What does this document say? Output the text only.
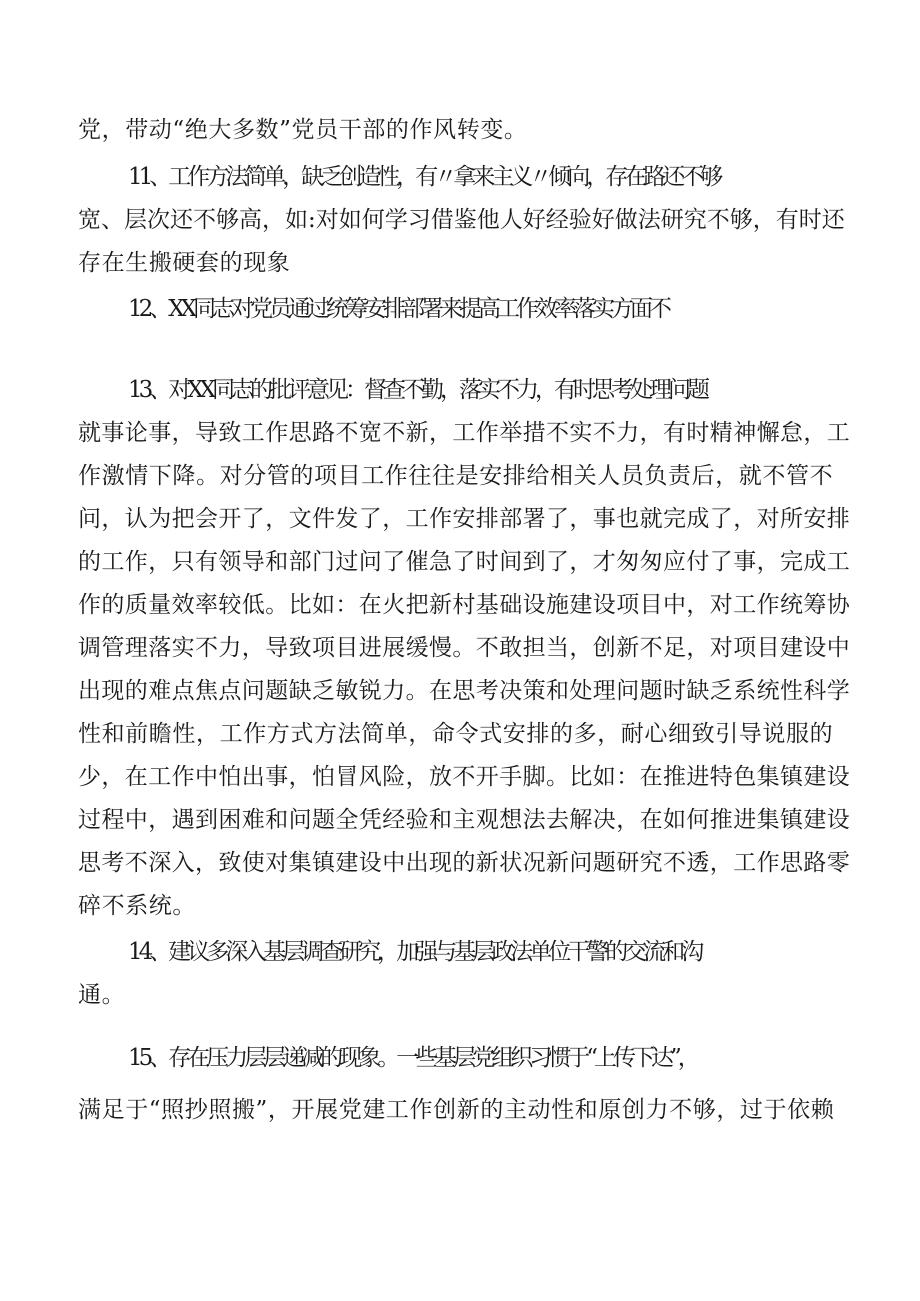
党，带动“绝大多数”党员干部的作风转变。

11、工作方法简单，缺乏创造性，有〃拿来主义〃倾向，存在路还不够

宽、层次还不够高，如:对如何学习借鉴他人好经验好做法研究不够，有时还

存在生搬硬套的现象

12、XX同志对党员通过统筹安排部署来提高工作效率落实方面不

13、对XX同志的批评意见：督查不勤，落实不力，有时思考处理问题

就事论事，导致工作思路不宽不新，工作举措不实不力，有时精神懈怠，工

作激情下降。对分管的项目工作往往是安排给相关人员负责后，就不管不

问，认为把会开了，文件发了，工作安排部署了，事也就完成了，对所安排

的工作，只有领导和部门过问了催急了时间到了，才匆匆应付了事，完成工

作的质量效率较低。比如：在火把新村基础设施建设项目中，对工作统筹协

调管理落实不力，导致项目进展缓慢。不敢担当，创新不足，对项目建设中

出现的难点焦点问题缺乏敏锐力。在思考决策和处理问题时缺乏系统性科学

性和前瞻性，工作方式方法简单，命令式安排的多，耐心细致引导说服的

少，在工作中怕出事，怕冒风险，放不开手脚。比如：在推进特色集镇建设

过程中，遇到困难和问题全凭经验和主观想法去解决，在如何推进集镇建设

思考不深入，致使对集镇建设中出现的新状况新问题研究不透，工作思路零

碎不系统。

14、建议多深入基层调查研究，加强与基层政法单位干警的交流和沟

通。

15、存在压力层层递减的现象。一些基层党组织习惯于“上传下达”，

满足于“照抄照搬”，开展党建工作创新的主动性和原创力不够，过于依赖
